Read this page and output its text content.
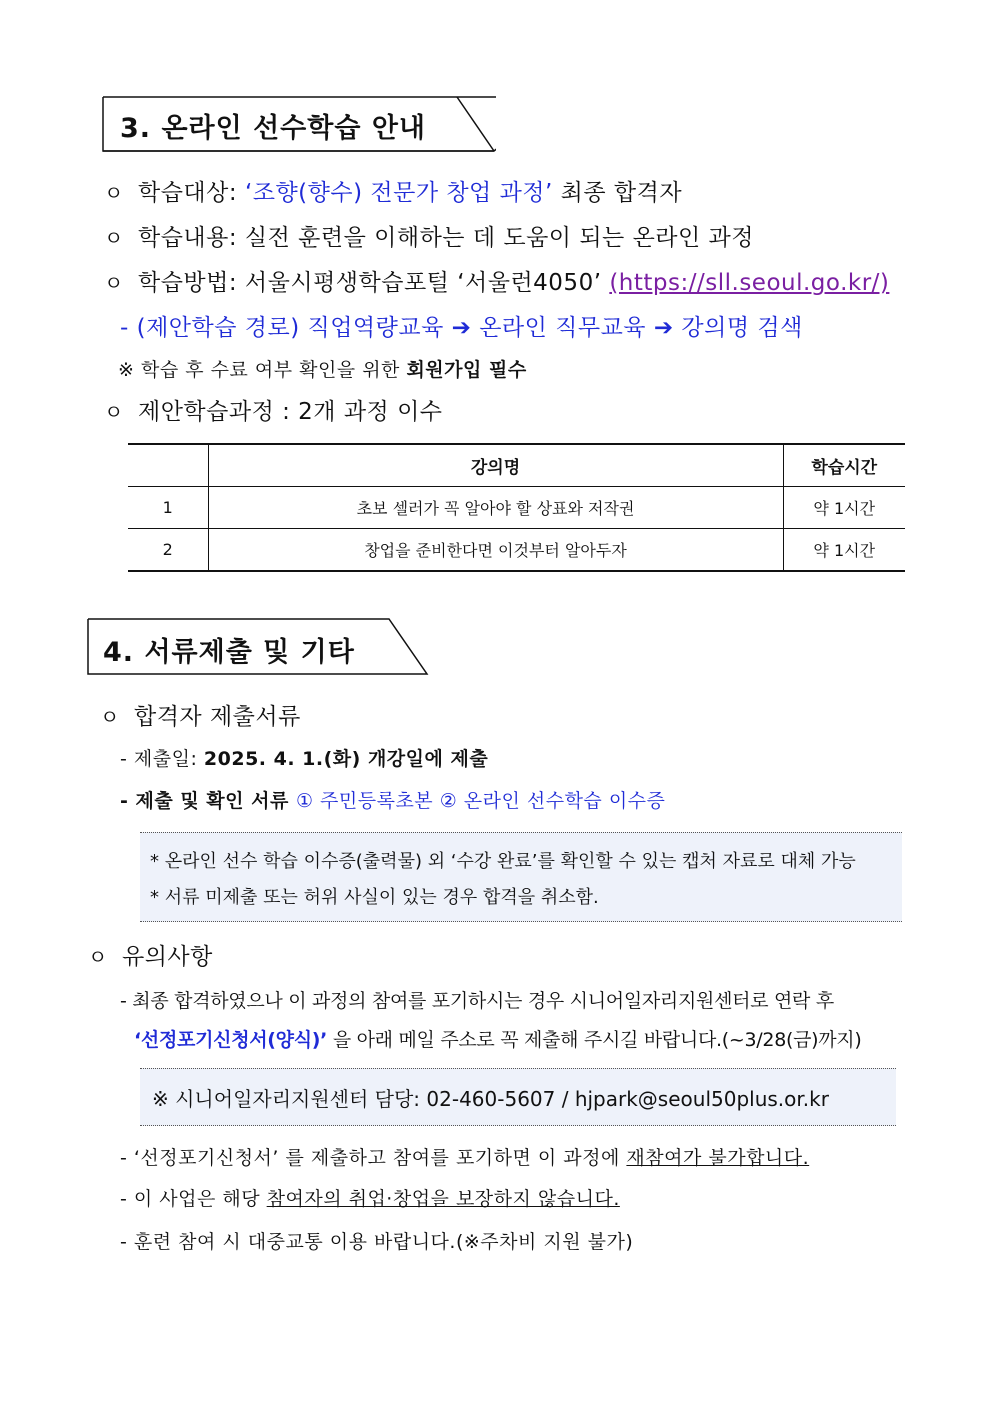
3. 온라인 선수학습 안내
ㅇ 학습대상: ‘조향(향수) 전문가 창업 과정’ 최종 합격자
ㅇ 학습내용: 실전 훈련을 이해하는 데 도움이 되는 온라인 과정
ㅇ 학습방법: 서울시평생학습포털 ‘서울런4050’ (https://sll.seoul.go.kr/)
- (제안학습 경로) 직업역량교육 ➔ 온라인 직무교육 ➔ 강의명 검색
※ 학습 후 수료 여부 확인을 위한 회원가입 필수
ㅇ 제안학습과정 : 2개 과정 이수
	강의명	학습시간
1	초보 셀러가 꼭 알아야 할 상표와 저작권	약 1시간
2	창업을 준비한다면 이것부터 알아두자	약 1시간
4. 서류제출 및 기타
ㅇ 합격자 제출서류
- 제출일: 2025. 4. 1.(화) 개강일에 제출
- 제출 및 확인 서류 ① 주민등록초본 ② 온라인 선수학습 이수증
* 온라인 선수 학습 이수증(출력물) 외 ‘수강 완료’를 확인할 수 있는 캡처 자료로 대체 가능
* 서류 미제출 또는 허위 사실이 있는 경우 합격을 취소함.
ㅇ 유의사항
- 최종 합격하였으나 이 과정의 참여를 포기하시는 경우 시니어일자리지원센터로 연락 후
‘선정포기신청서(양식)’ 을 아래 메일 주소로 꼭 제출해 주시길 바랍니다.(~3/28(금)까지)
※ 시니어일자리지원센터 담당: 02-460-5607 / hjpark@seoul50plus.or.kr
- ‘선정포기신청서’ 를 제출하고 참여를 포기하면 이 과정에 재참여가 불가합니다.
- 이 사업은 해당 참여자의 취업·창업을 보장하지 않습니다.
- 훈련 참여 시 대중교통 이용 바랍니다.(※주차비 지원 불가)
